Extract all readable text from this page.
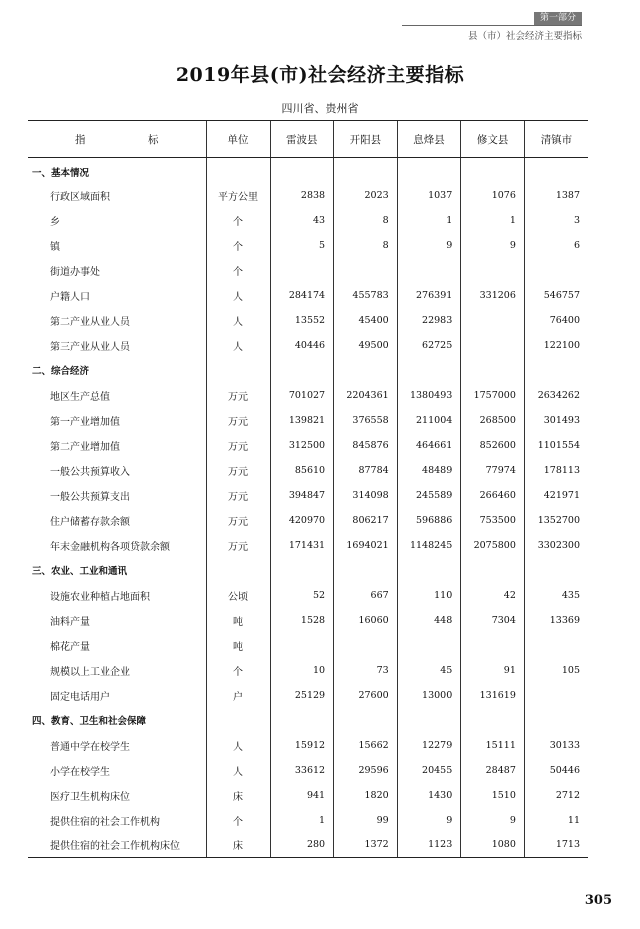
第一部分
县（市）社会经济主要指标
2019年县(市)社会经济主要指标
四川省、贵州省
指　标	单位	雷波县	开阳县	息烽县	修文县	清镇市
一、基本情况						
行政区域面积	平方公里	2838	2023	1037	1076	1387
乡	个	43	8	1	1	3
镇	个	5	8	9	9	6
街道办事处	个					
户籍人口	人	284174	455783	276391	331206	546757
第二产业从业人员	人	13552	45400	22983		76400
第三产业从业人员	人	40446	49500	62725		122100
二、综合经济						
地区生产总值	万元	701027	2204361	1380493	1757000	2634262
第一产业增加值	万元	139821	376558	211004	268500	301493
第二产业增加值	万元	312500	845876	464661	852600	1101554
一般公共预算收入	万元	85610	87784	48489	77974	178113
一般公共预算支出	万元	394847	314098	245589	266460	421971
住户储蓄存款余额	万元	420970	806217	596886	753500	1352700
年末金融机构各项贷款余额	万元	171431	1694021	1148245	2075800	3302300
三、农业、工业和通讯						
设施农业种植占地面积	公顷	52	667	110	42	435
油料产量	吨	1528	16060	448	7304	13369
棉花产量	吨					
规模以上工业企业	个	10	73	45	91	105
固定电话用户	户	25129	27600	13000	131619	
四、教育、卫生和社会保障						
普通中学在校学生	人	15912	15662	12279	15111	30133
小学在校学生	人	33612	29596	20455	28487	50446
医疗卫生机构床位	床	941	1820	1430	1510	2712
提供住宿的社会工作机构	个	1	99	9	9	11
提供住宿的社会工作机构床位	床	280	1372	1123	1080	1713
305
